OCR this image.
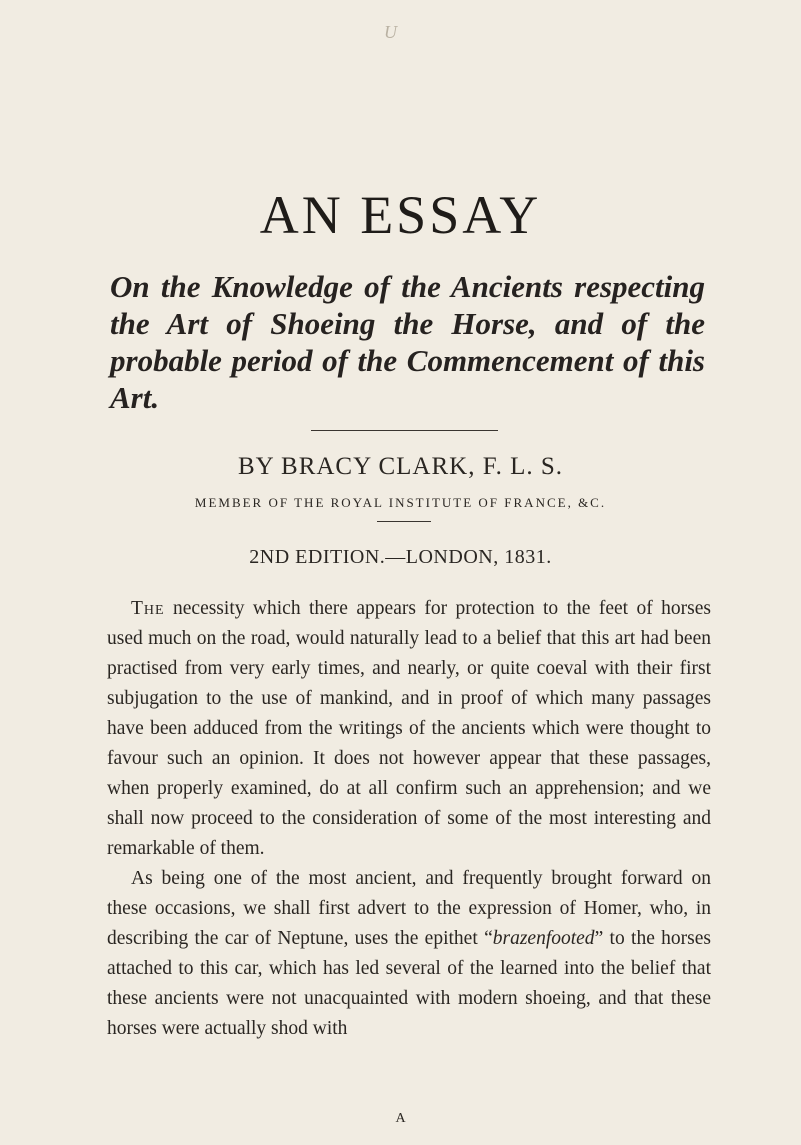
U
AN ESSAY
On the Knowledge of the Ancients respecting the Art of Shoeing the Horse, and of the probable period of the Commencement of this Art.
BY BRACY CLARK, F. L. S.
MEMBER OF THE ROYAL INSTITUTE OF FRANCE, &C.
2ND EDITION.—LONDON, 1831.

The necessity which there appears for protection to the feet of horses used much on the road, would naturally lead to a belief that this art had been practised from very early times, and nearly, or quite coeval with their first subjugation to the use of mankind, and in proof of which many passages have been adduced from the writings of the ancients which were thought to favour such an opinion. It does not however appear that these passages, when properly examined, do at all confirm such an apprehension; and we shall now proceed to the consideration of some of the most interesting and remarkable of them.

As being one of the most ancient, and frequently brought forward on these occasions, we shall first advert to the expression of Homer, who, in describing the car of Neptune, uses the epithet “brazenfooted” to the horses attached to this car, which has led several of the learned into the belief that these ancients were not unacquainted with modern shoeing, and that these horses were actually shod with

A
